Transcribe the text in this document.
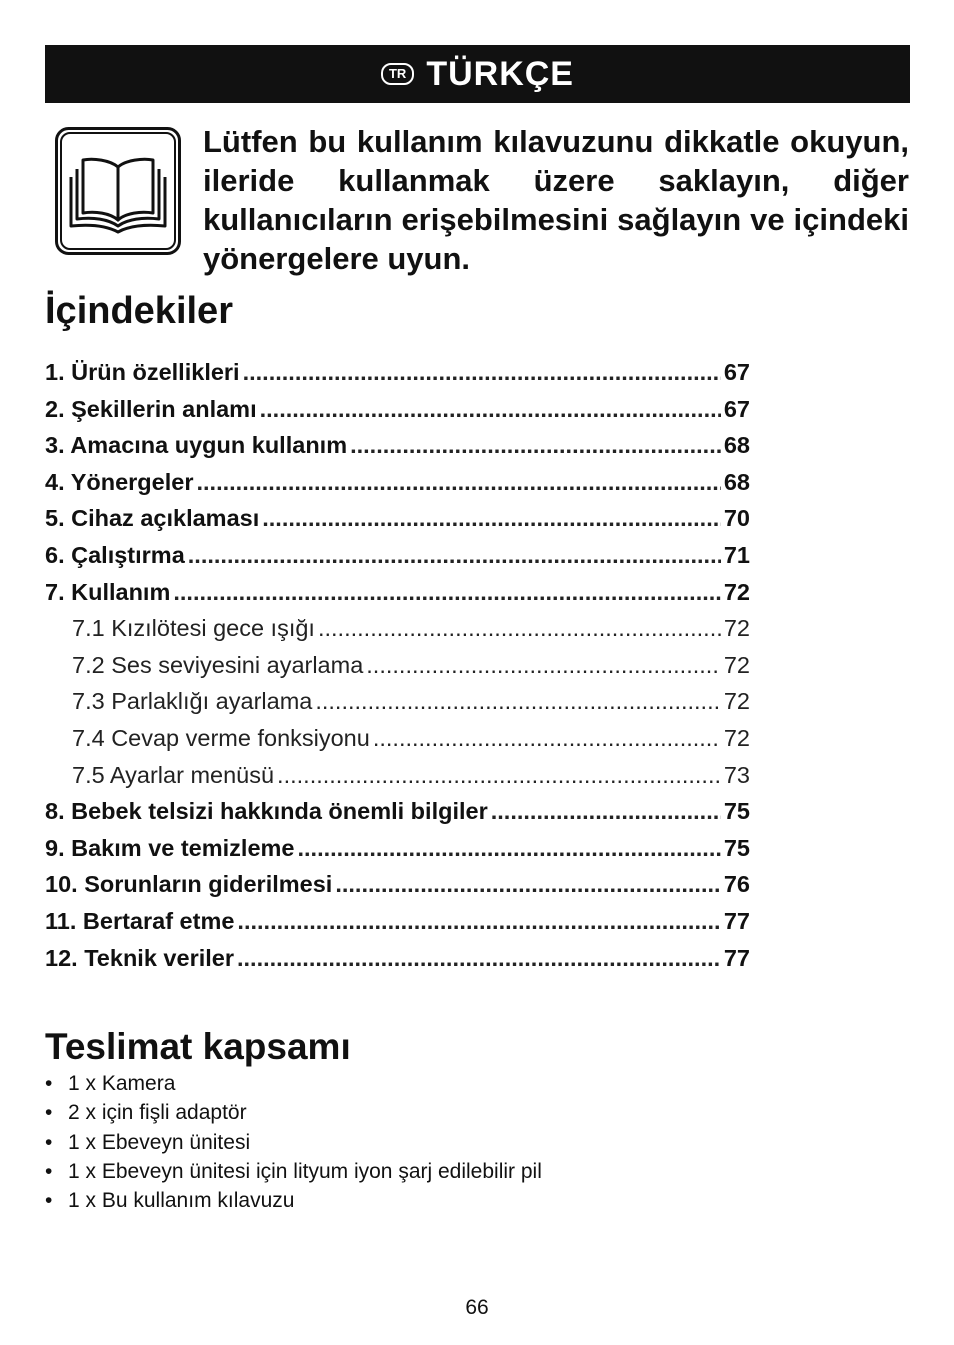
TR TÜRKÇE

Lütfen bu kullanım kılavuzunu dikkatle okuyun, ileride kullanmak üzere saklayın, diğer kullanıcıların erişebilmesini sağlayın ve içindeki yönergelere uyun.

İçindekiler
1. Ürün özellikleri .....	67
2. Şekillerin anlamı .....	67
3. Amacına uygun kullanım .....	68
4. Yönergeler .....	68
5. Cihaz açıklaması .....	70
6. Çalıştırma .....	71
7. Kullanım .....	72
7.1 Kızılötesi gece ışığı .....	72
7.2 Ses seviyesini ayarlama .....	72
7.3 Parlaklığı ayarlama .....	72
7.4 Cevap verme fonksiyonu .....	72
7.5 Ayarlar menüsü .....	73
8. Bebek telsizi hakkında önemli bilgiler .....	75
9. Bakım ve temizleme .....	75
10. Sorunların giderilmesi .....	76
11. Bertaraf etme .....	77
12. Teknik veriler .....	77
Teslimat kapsamı
• 1 x Kamera
• 2 x için fişli adaptör
• 1 x Ebeveyn ünitesi
• 1 x Ebeveyn ünitesi için lityum iyon şarj edilebilir pil
• 1 x Bu kullanım kılavuzu
66
